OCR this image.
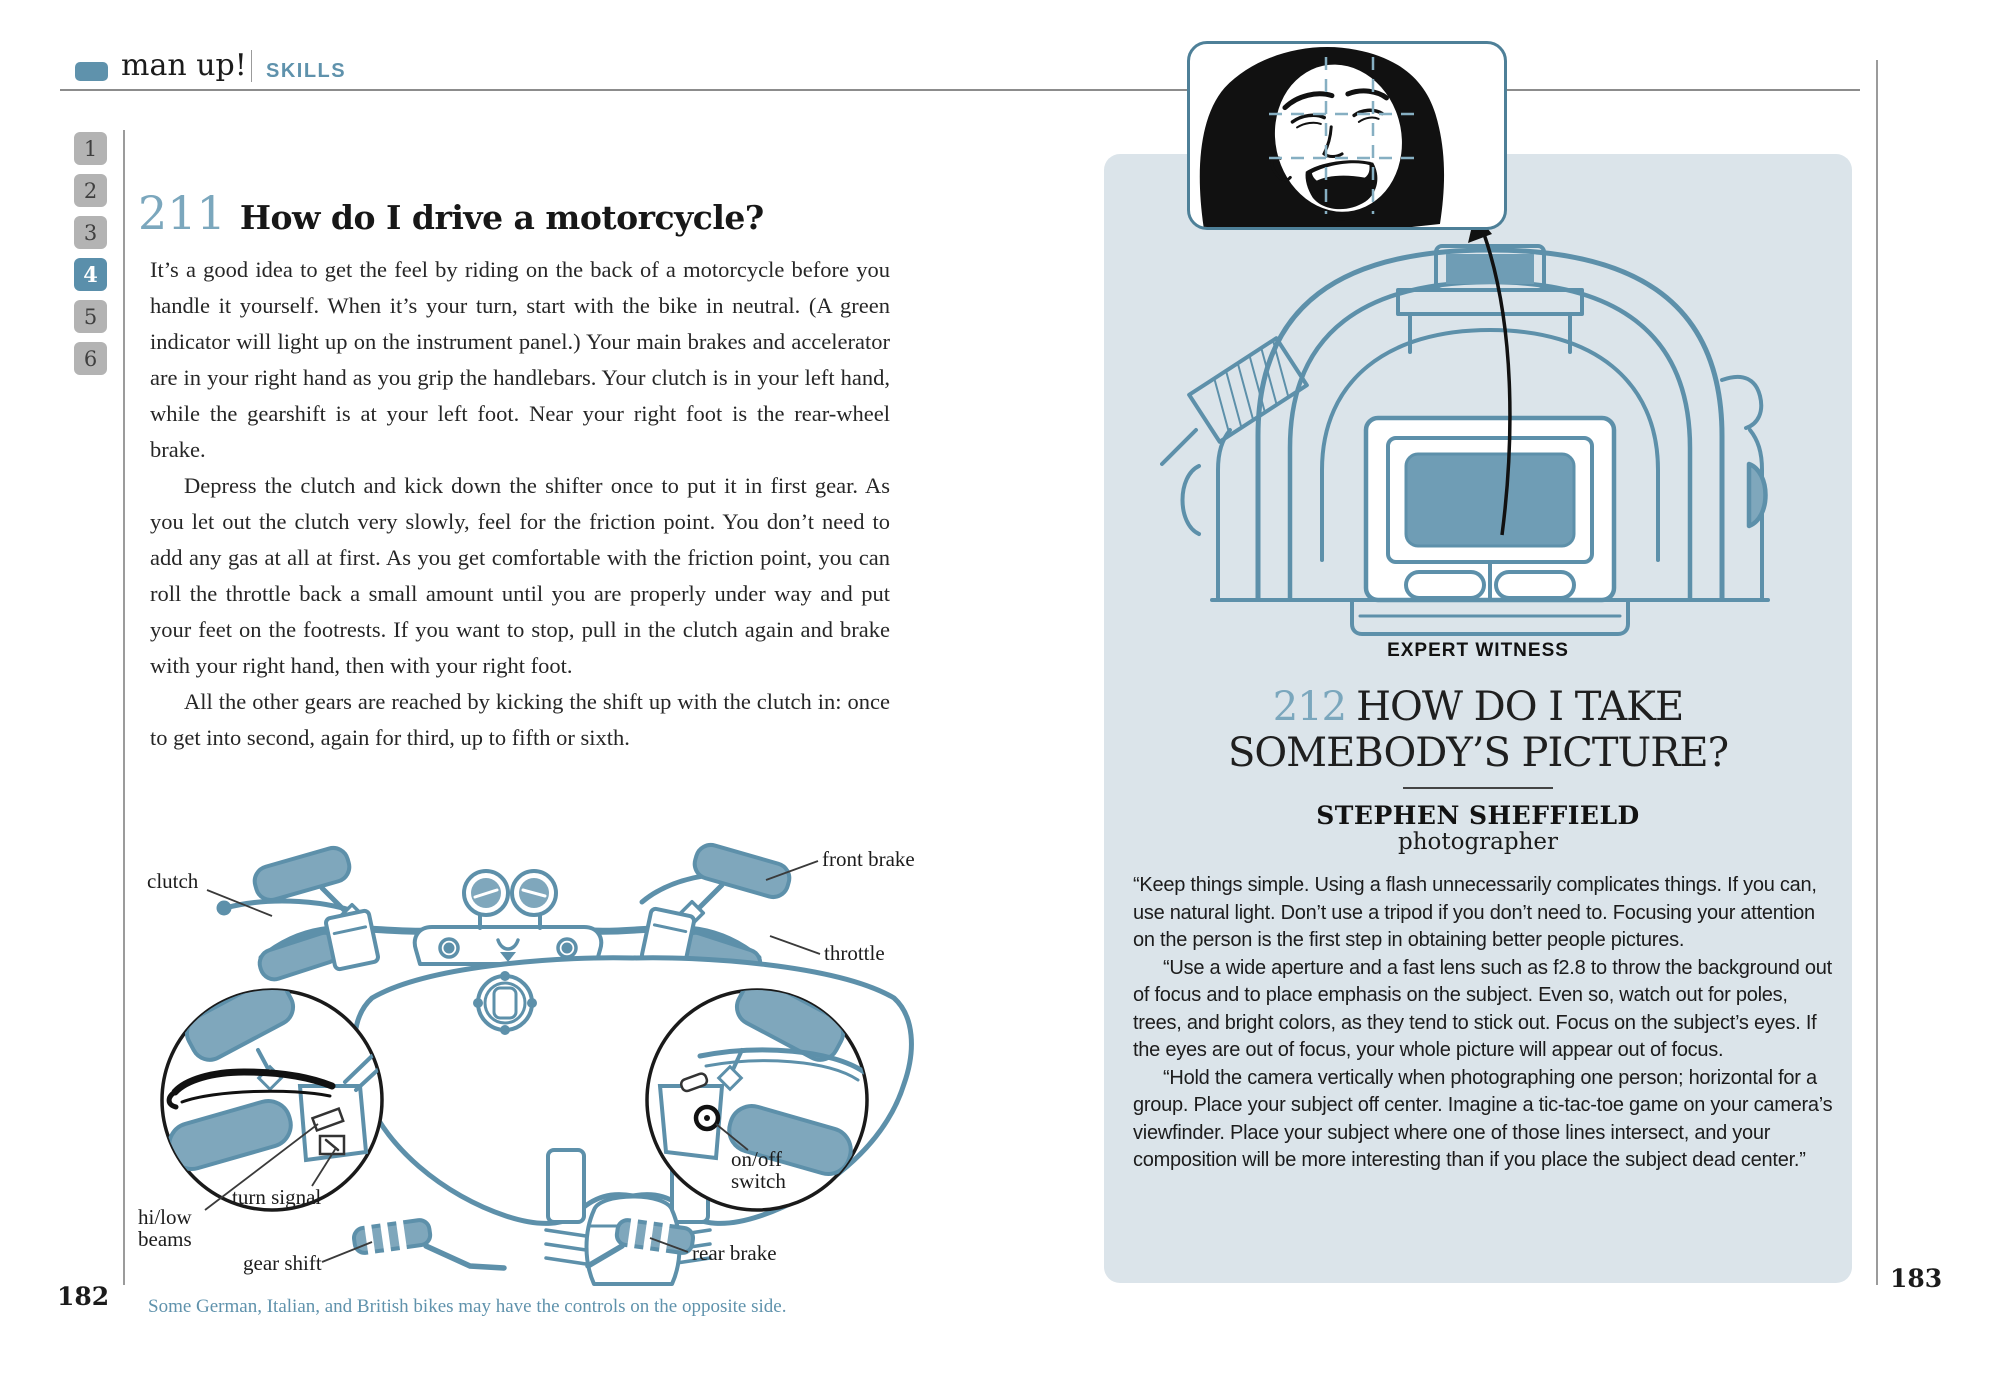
man up! SKILLS
1
2
3
4
5
6
211 How do I drive a motorcycle?

It’s a good idea to get the feel by riding on the back of a motorcycle before you handle it yourself. When it’s your turn, start with the bike in neutral. (A green indicator will light up on the instrument panel.) Your main brakes and accelerator are in your right hand as you grip the handlebars. Your clutch is in your left hand, while the gearshift is at your left foot. Near your right foot is the rear-wheel brake.

Depress the clutch and kick down the shifter once to put it in first gear. As you let out the clutch very slowly, feel for the friction point. You don’t need to add any gas at all at first. As you get comfortable with the friction point, you can roll the throttle back a small amount until you are properly under way and put your feet on the footrests. If you want to stop, pull in the clutch again and brake with your right hand, then with your right foot.

All the other gears are reached by kicking the shift up with the clutch in: once to get into second, again for third, up to fifth or sixth.

clutch
front brake
throttle
turn signal
hi/low beams
gear shift
on/off switch
rear brake
Some German, Italian, and British bikes may have the controls on the opposite side.
182
183
EXPERT WITNESS
212 HOW DO I TAKE
SOMEBODY’S PICTURE?
STEPHEN SHEFFIELD
photographer

“Keep things simple. Using a flash unnecessarily complicates things. If you can, use natural light. Don’t use a tripod if you don’t need to. Focusing your attention on the person is the first step in obtaining better people pictures.

“Use a wide aperture and a fast lens such as f2.8 to throw the background out of focus and to place emphasis on the subject. Even so, watch out for poles, trees, and bright colors, as they tend to stick out. Focus on the subject’s eyes. If the eyes are out of focus, your whole picture will appear out of focus.

“Hold the camera vertically when photographing one person; horizontal for a group. Place your subject off center. Imagine a tic-tac-toe game on your camera’s viewfinder. Place your subject where one of those lines intersect, and your composition will be more interesting than if you place the subject dead center.”
